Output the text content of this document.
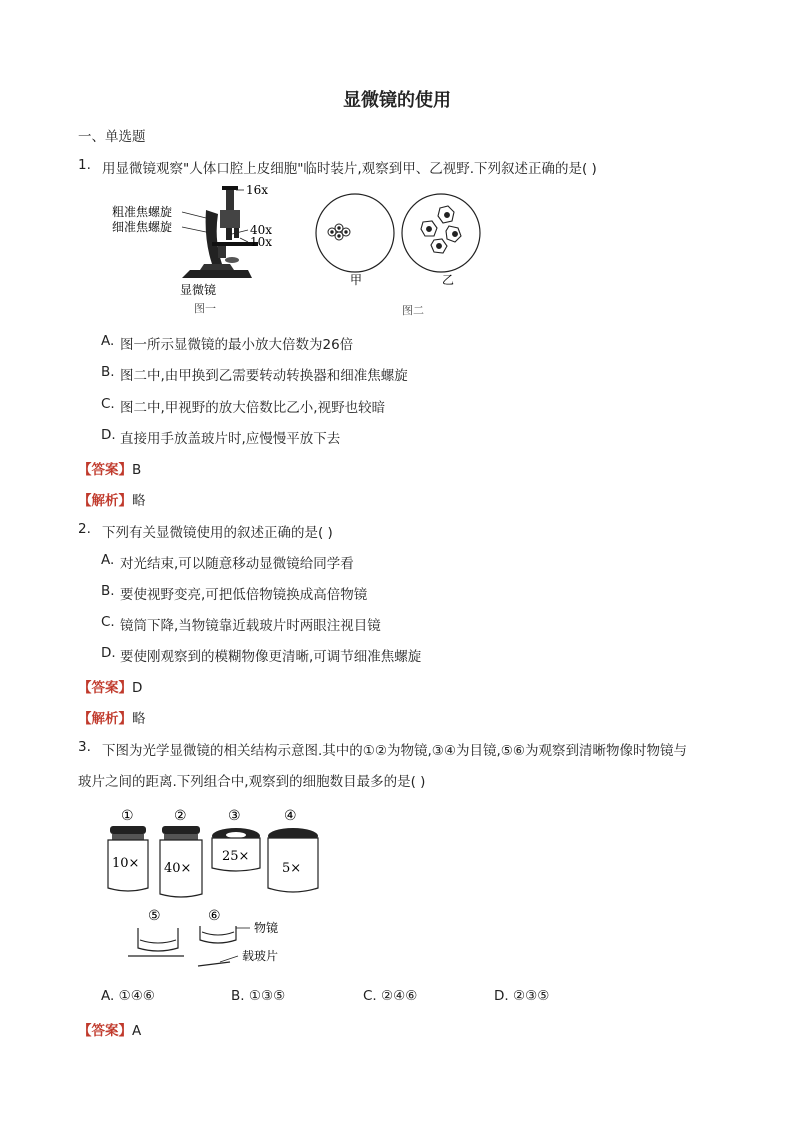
显微镜的使用
一、单选题
1. 用显微镜观察"人体口腔上皮细胞"临时装片,观察到甲、乙视野.下列叙述正确的是( )
粗准焦螺旋
细准焦螺旋
16x
40x
10x
显微镜
图一
甲	乙
图二
A. 图一所示显微镜的最小放大倍数为26倍
B. 图二中,由甲换到乙需要转动转换器和细准焦螺旋
C. 图二中,甲视野的放大倍数比乙小,视野也较暗
D. 直接用手放盖玻片时,应慢慢平放下去
【答案】B
【解析】略
2. 下列有关显微镜使用的叙述正确的是( )
A. 对光结束,可以随意移动显微镜给同学看
B. 要使视野变亮,可把低倍物镜换成高倍物镜
C. 镜筒下降,当物镜靠近载玻片时两眼注视目镜
D. 要使刚观察到的模糊物像更清晰,可调节细准焦螺旋
【答案】D
【解析】略
3. 下图为光学显微镜的相关结构示意图.其中的①②为物镜,③④为目镜,⑤⑥为观察到清晰物像时物镜与
玻片之间的距离.下列组合中,观察到的细胞数目最多的是( )
①
10×
②
40×
③
25×
④
5×
⑤	⑥
物镜
载玻片
A. ①④⑥	B. ①③⑤	C. ②④⑥	D. ②③⑤
【答案】A
